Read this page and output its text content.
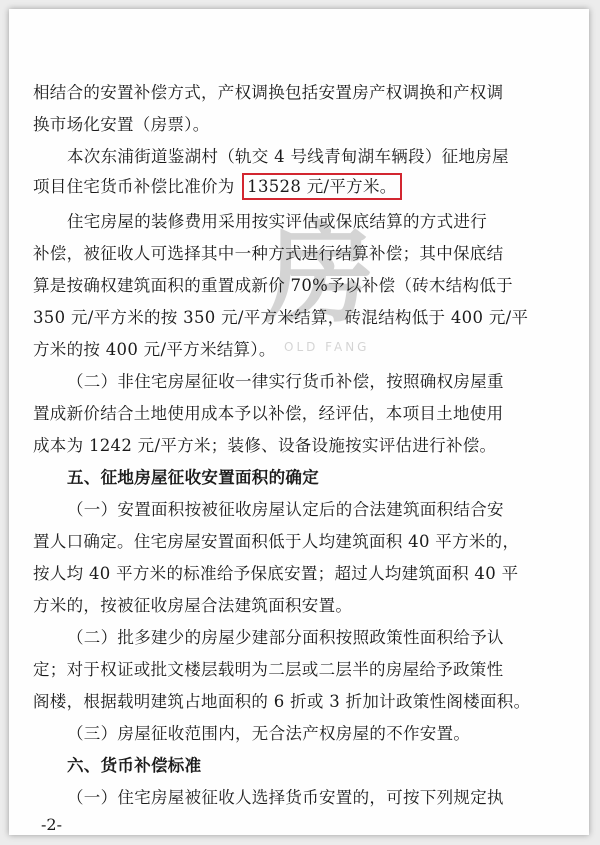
相结合的安置补偿方式，产权调换包括安置房产权调换和产权调
换市场化安置（房票）。
本次东浦街道鉴湖村（轨交 4 号线青甸湖车辆段）征地房屋
项目住宅货币补偿比准价为 13528 元/平方米。
住宅房屋的装修费用采用按实评估或保底结算的方式进行
补偿，被征收人可选择其中一种方式进行结算补偿；其中保底结
算是按确权建筑面积的重置成新价 70%予以补偿（砖木结构低于
350 元/平方米的按 350 元/平方米结算，砖混结构低于 400 元/平
方米的按 400 元/平方米结算）。
（二）非住宅房屋征收一律实行货币补偿，按照确权房屋重
置成新价结合土地使用成本予以补偿，经评估，本项目土地使用
成本为 1242 元/平方米；装修、设备设施按实评估进行补偿。
五、征地房屋征收安置面积的确定
（一）安置面积按被征收房屋认定后的合法建筑面积结合安
置人口确定。住宅房屋安置面积低于人均建筑面积 40 平方米的，
按人均 40 平方米的标准给予保底安置；超过人均建筑面积 40 平
方米的，按被征收房屋合法建筑面积安置。
（二）批多建少的房屋少建部分面积按照政策性面积给予认
定；对于权证或批文楼层载明为二层或二层半的房屋给予政策性
阁楼，根据载明建筑占地面积的 6 折或 3 折加计政策性阁楼面积。
（三）房屋征收范围内，无合法产权房屋的不作安置。
六、货币补偿标准
（一）住宅房屋被征收人选择货币安置的，可按下列规定执
房
OLD FANG
-2-
